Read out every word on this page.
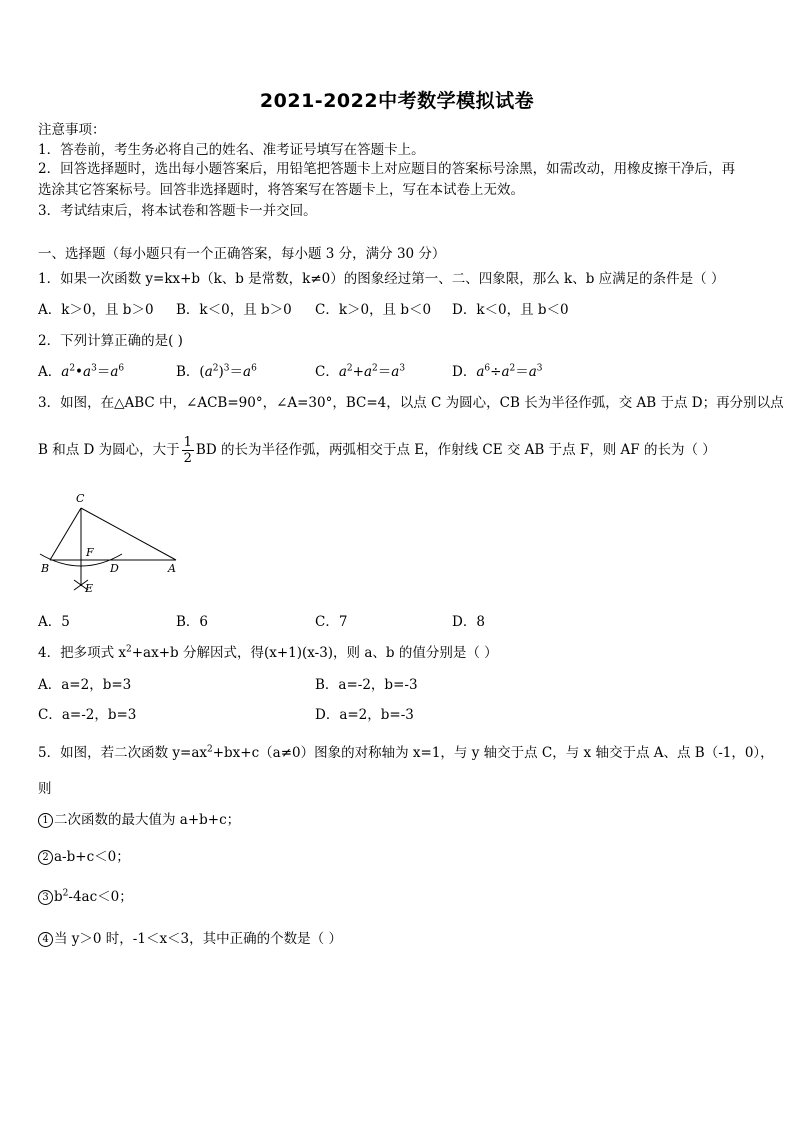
2021-2022中考数学模拟试卷
注意事项：
1．答卷前，考生务必将自己的姓名、准考证号填写在答题卡上。
2．回答选择题时，选出每小题答案后，用铅笔把答题卡上对应题目的答案标号涂黑，如需改动，用橡皮擦干净后，再
选涂其它答案标号。回答非选择题时，将答案写在答题卡上，写在本试卷上无效。
3．考试结束后，将本试卷和答题卡一并交回。
一、选择题（每小题只有一个正确答案，每小题 3 分，满分 30 分）
1．如果一次函数 y=kx+b（k、b 是常数，k≠0）的图象经过第一、二、四象限，那么 k、b 应满足的条件是（ ）
A．k＞0，且 b＞0 B．k＜0，且 b＞0 C．k＞0，且 b＜0 D．k＜0，且 b＜0
2．下列计算正确的是( )
A．$a^2•a^3=a^6$	B．$(a^2)^3=a^6$	C．$a^2+a^2=a^3$	D．$a^6\div a^2=a^3$
3．如图，在△ABC 中，∠ACB=90°，∠A=30°，BC=4，以点 C 为圆心，CB 长为半径作弧，交 AB 于点 D；再分别以点
B 和点 D 为圆心，大于 $\frac{1}{2}$ BD 的长为半径作弧，两弧相交于点 E，作射线 CE 交 AB 于点 F，则 AF 的长为（ ）
C
F
B	D	A
E
A．5	B．6	C．7	D．8
4．把多项式 $x^2+ax+b$ 分解因式，得(x+1)(x-3)，则 a、b 的值分别是（ ）
A．a=2，b=3	B．a=-2，b=-3
C．a=-2，b=3	D．a=2，b=-3
5．如图，若二次函数 $y=ax^2+bx+c(a\ne 0)$图象的对称轴为 x=1，与 y 轴交于点 C，与 x 轴交于点 A、点 B（-1，0），
则
1 二次函数的最大值为 a+b+c；
2 a-b+c＜0；
3 $b^2-4ac<0$；
4 当 y＞0 时，-1＜x＜3，其中正确的个数是（ ）
